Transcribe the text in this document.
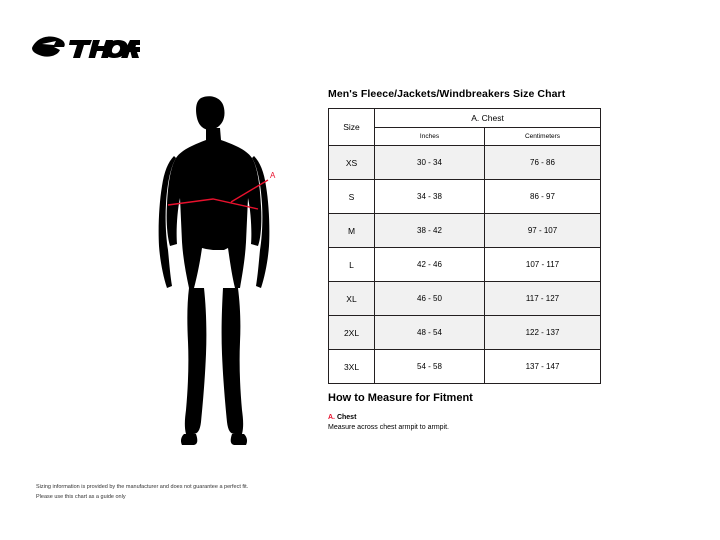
A
Men's Fleece/Jackets/Windbreakers Size Chart
Size	A. Chest	
	Inches	Centimeters
XS	30 - 34	76 - 86
S	34 - 38	86 - 97
M	38 - 42	97 - 107
L	42 - 46	107 - 117
XL	46 - 50	117 - 127
2XL	48 - 54	122 - 137
3XL	54 - 58	137 - 147
How to Measure for Fitment
A. Chest
Measure across chest armpit to armpit.
Sizing information is provided by the manufacturer and does not guarantee a perfect fit.
Please use this chart as a guide only
